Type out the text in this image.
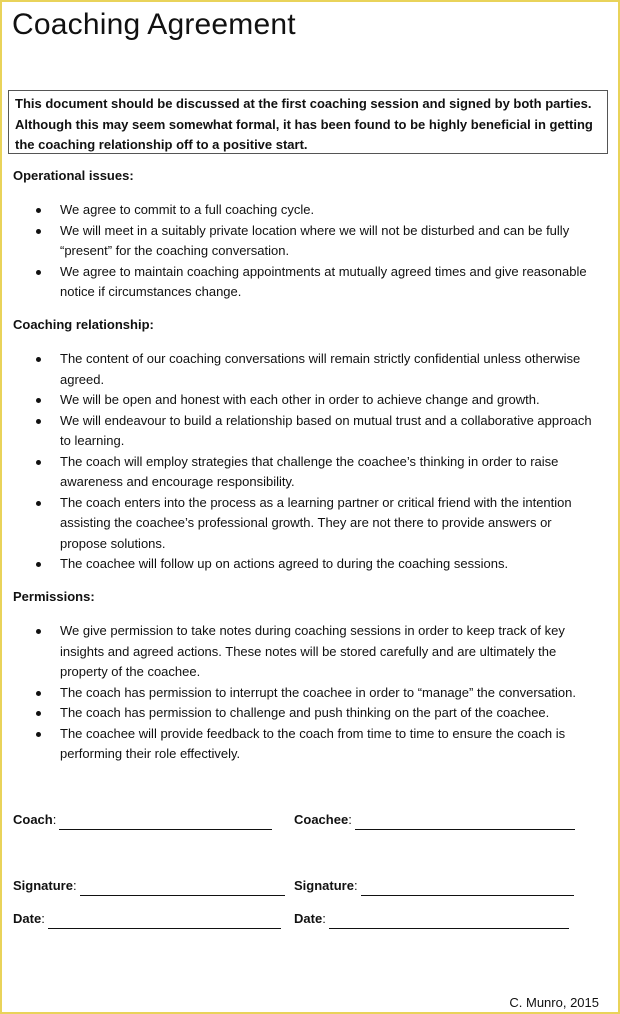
Coaching Agreement
This document should be discussed at the first coaching session and signed by both parties. Although this may seem somewhat formal, it has been found to be highly beneficial in getting the coaching relationship off to a positive start.
Operational issues:
We agree to commit to a full coaching cycle.
We will meet in a suitably private location where we will not be disturbed and can be fully “present” for the coaching conversation.
We agree to maintain coaching appointments at mutually agreed times and give reasonable notice if circumstances change.
Coaching relationship:
The content of our coaching conversations will remain strictly confidential unless otherwise agreed.
We will be open and honest with each other in order to achieve change and growth.
We will endeavour to build a relationship based on mutual trust and a collaborative approach to learning.
The coach will employ strategies that challenge the coachee’s thinking in order to raise awareness and encourage responsibility.
The coach enters into the process as a learning partner or critical friend with the intention assisting the coachee’s professional growth. They are not there to provide answers or propose solutions.
The coachee will follow up on actions agreed to during the coaching sessions.
Permissions:
We give permission to take notes during coaching sessions in order to keep track of key insights and agreed actions. These notes will be stored carefully and are ultimately the property of the coachee.
The coach has permission to interrupt the coachee in order to “manage” the conversation.
The coach has permission to challenge and push thinking on the part of the coachee.
The coachee will provide feedback to the coach from time to time to ensure the coach is performing their role effectively.
Coach:	Coachee:
Signature:	Signature:
Date:	Date:
C. Munro, 2015
